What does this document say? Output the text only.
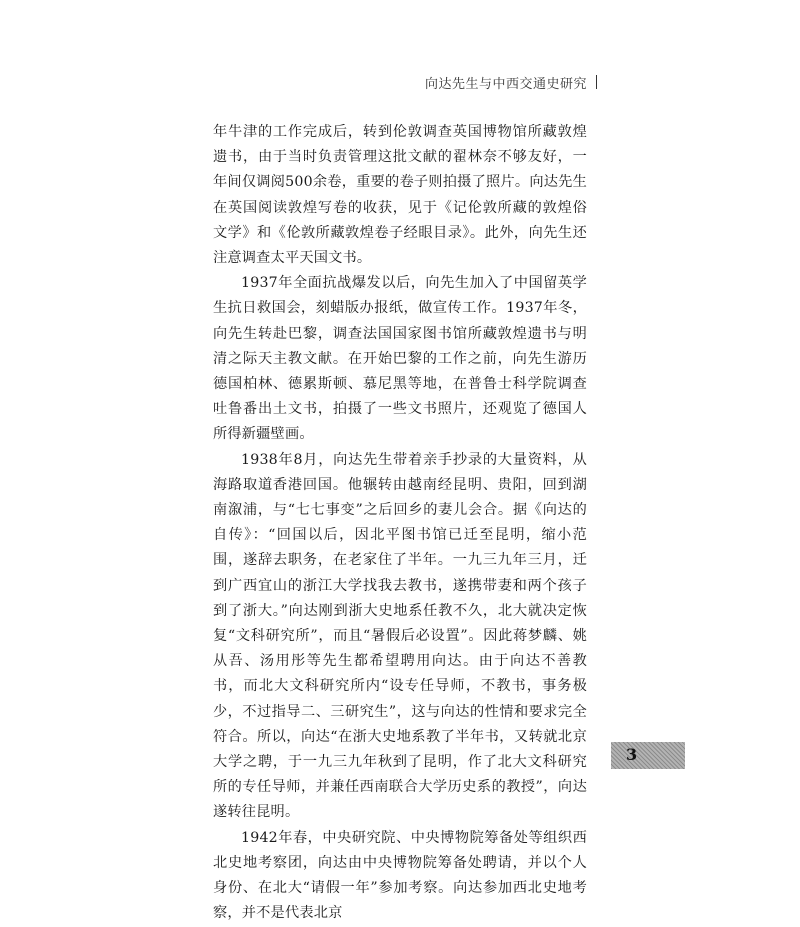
向达先生与中西交通史研究

年牛津的工作完成后，转到伦敦调查英国博物馆所藏敦煌遗书，由于当时负责管理这批文献的翟林奈不够友好，一年间仅调阅500余卷，重要的卷子则拍摄了照片。向达先生在英国阅读敦煌写卷的收获，见于《记伦敦所藏的敦煌俗文学》和《伦敦所藏敦煌卷子经眼目录》。此外，向先生还注意调查太平天国文书。

1937年全面抗战爆发以后，向先生加入了中国留英学生抗日救国会，刻蜡版办报纸，做宣传工作。1937年冬，向先生转赴巴黎，调查法国国家图书馆所藏敦煌遗书与明清之际天主教文献。在开始巴黎的工作之前，向先生游历德国柏林、德累斯顿、慕尼黑等地，在普鲁士科学院调查吐鲁番出土文书，拍摄了一些文书照片，还观览了德国人所得新疆壁画。

1938年8月，向达先生带着亲手抄录的大量资料，从海路取道香港回国。他辗转由越南经昆明、贵阳，回到湖南溆浦，与“七七事变”之后回乡的妻儿会合。据《向达的自传》：“回国以后，因北平图书馆已迁至昆明，缩小范围，遂辞去职务，在老家住了半年。一九三九年三月，迁到广西宜山的浙江大学找我去教书，遂携带妻和两个孩子到了浙大。”向达刚到浙大史地系任教不久，北大就决定恢复“文科研究所”，而且“暑假后必设置”。因此蒋梦麟、姚从吾、汤用彤等先生都希望聘用向达。由于向达不善教书，而北大文科研究所内“设专任导师，不教书，事务极少，不过指导二、三研究生”，这与向达的性情和要求完全符合。所以，向达“在浙大史地系教了半年书，又转就北京大学之聘，于一九三九年秋到了昆明，作了北大文科研究所的专任导师，并兼任西南联合大学历史系的教授”，向达遂转往昆明。

1942年春，中央研究院、中央博物院筹备处等组织西北史地考察团，向达由中央博物院筹备处聘请，并以个人身份、在北大“请假一年”参加考察。向达参加西北史地考察，并不是代表北京

3
